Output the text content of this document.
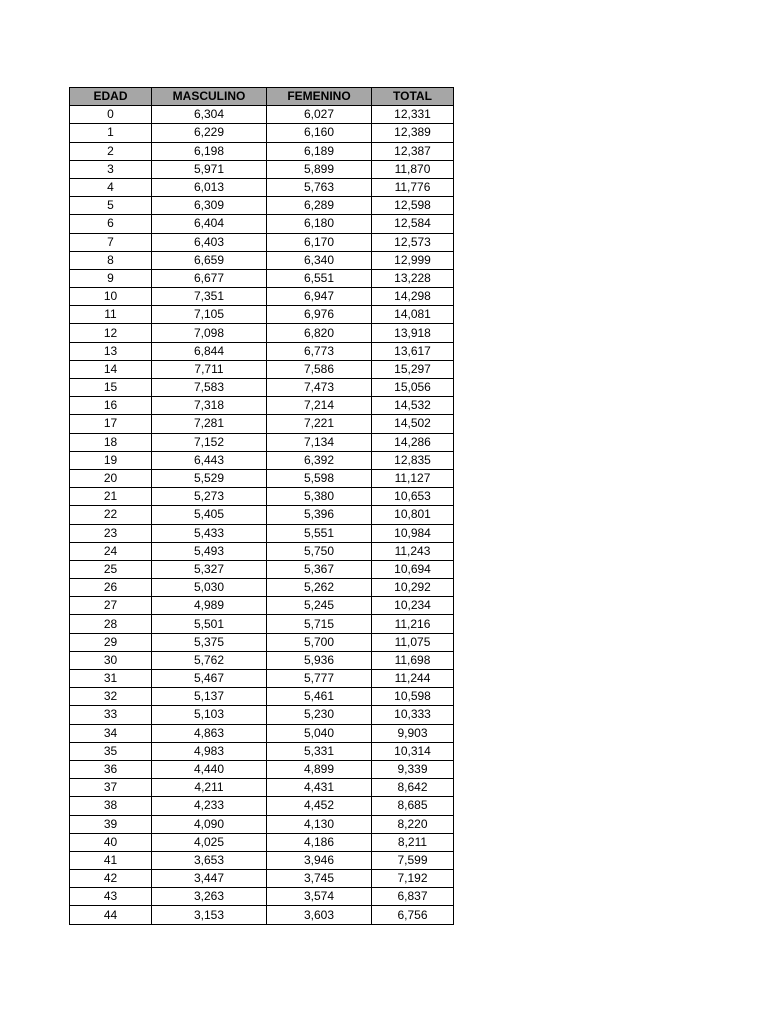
EDAD	MASCULINO	FEMENINO	TOTAL
0	6,304	6,027	12,331
1	6,229	6,160	12,389
2	6,198	6,189	12,387
3	5,971	5,899	11,870
4	6,013	5,763	11,776
5	6,309	6,289	12,598
6	6,404	6,180	12,584
7	6,403	6,170	12,573
8	6,659	6,340	12,999
9	6,677	6,551	13,228
10	7,351	6,947	14,298
11	7,105	6,976	14,081
12	7,098	6,820	13,918
13	6,844	6,773	13,617
14	7,711	7,586	15,297
15	7,583	7,473	15,056
16	7,318	7,214	14,532
17	7,281	7,221	14,502
18	7,152	7,134	14,286
19	6,443	6,392	12,835
20	5,529	5,598	11,127
21	5,273	5,380	10,653
22	5,405	5,396	10,801
23	5,433	5,551	10,984
24	5,493	5,750	11,243
25	5,327	5,367	10,694
26	5,030	5,262	10,292
27	4,989	5,245	10,234
28	5,501	5,715	11,216
29	5,375	5,700	11,075
30	5,762	5,936	11,698
31	5,467	5,777	11,244
32	5,137	5,461	10,598
33	5,103	5,230	10,333
34	4,863	5,040	9,903
35	4,983	5,331	10,314
36	4,440	4,899	9,339
37	4,211	4,431	8,642
38	4,233	4,452	8,685
39	4,090	4,130	8,220
40	4,025	4,186	8,211
41	3,653	3,946	7,599
42	3,447	3,745	7,192
43	3,263	3,574	6,837
44	3,153	3,603	6,756
